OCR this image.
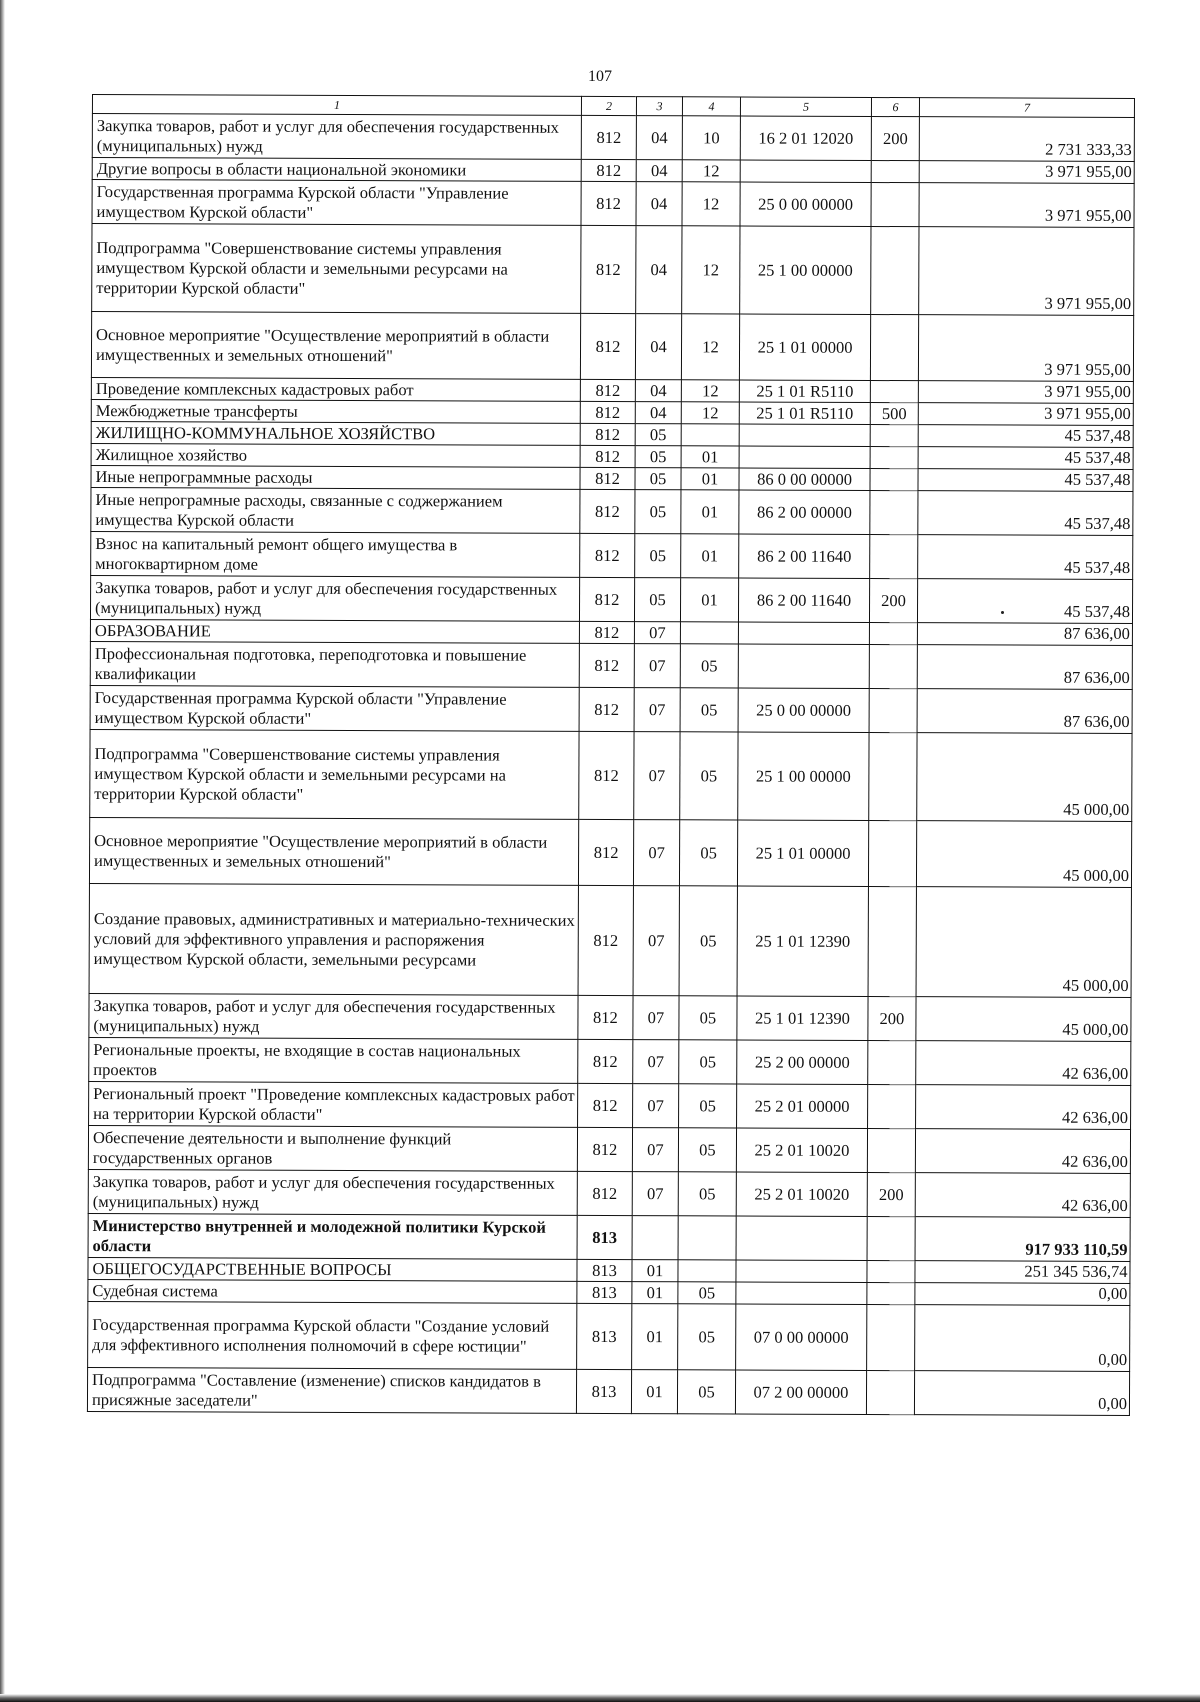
107
1	2	3	4	5	6	7
Закупка товаров, работ и услуг для обеспечения государственных (муниципальных) нужд	812	04	10	16 2 01 12020	200	2 731 333,33
Другие вопросы в области национальной экономики	812	04	12			3 971 955,00
Государственная программа Курской области "Управление имуществом Курской области"	812	04	12	25 0 00 00000		3 971 955,00
Подпрограмма "Совершенствование системы управления имуществом Курской области и земельными ресурсами на территории Курской области"	812	04	12	25 1 00 00000		3 971 955,00
Основное мероприятие "Осуществление мероприятий в области имущественных и земельных отношений"	812	04	12	25 1 01 00000		3 971 955,00
Проведение комплексных кадастровых работ	812	04	12	25 1 01 R5110		3 971 955,00
Межбюджетные трансферты	812	04	12	25 1 01 R5110	500	3 971 955,00
ЖИЛИЩНО-КОММУНАЛЬНОЕ ХОЗЯЙСТВО	812	05				45 537,48
Жилищное хозяйство	812	05	01			45 537,48
Иные непрограммные расходы	812	05	01	86 0 00 00000		45 537,48
Иные непрограмные расходы, связанные с соджержанием имущества Курской области	812	05	01	86 2 00 00000		45 537,48
Взнос на капитальный ремонт общего имущества в многоквартирном доме	812	05	01	86 2 00 11640		45 537,48
Закупка товаров, работ и услуг для обеспечения государственных (муниципальных) нужд	812	05	01	86 2 00 11640	200	45 537,48
ОБРАЗОВАНИЕ	812	07				87 636,00
Профессиональная подготовка, переподготовка и повышение квалификации	812	07	05			87 636,00
Государственная программа Курской области "Управление имуществом Курской области"	812	07	05	25 0 00 00000		87 636,00
Подпрограмма "Совершенствование системы управления имуществом Курской области и земельными ресурсами на территории Курской области"	812	07	05	25 1 00 00000		45 000,00
Основное мероприятие "Осуществление мероприятий в области имущественных и земельных отношений"	812	07	05	25 1 01 00000		45 000,00
Создание правовых, административных и материально-технических условий для эффективного управления и распоряжения имуществом Курской области, земельными ресурсами	812	07	05	25 1 01 12390		45 000,00
Закупка товаров, работ и услуг для обеспечения государственных (муниципальных) нужд	812	07	05	25 1 01 12390	200	45 000,00
Региональные проекты, не входящие в состав национальных проектов	812	07	05	25 2 00 00000		42 636,00
Региональный проект "Проведение комплексных кадастровых работ на территории Курской области"	812	07	05	25 2 01 00000		42 636,00
Обеспечение деятельности и выполнение функций государственных органов	812	07	05	25 2 01 10020		42 636,00
Закупка товаров, работ и услуг для обеспечения государственных (муниципальных) нужд	812	07	05	25 2 01 10020	200	42 636,00
Министерство внутренней и молодежной политики Курской области	813					917 933 110,59
ОБЩЕГОСУДАРСТВЕННЫЕ ВОПРОСЫ	813	01				251 345 536,74
Судебная система	813	01	05			0,00
Государственная программа Курской области "Создание условий для эффективного исполнения полномочий в сфере юстиции"	813	01	05	07 0 00 00000		0,00
Подпрограмма "Составление (изменение) списков кандидатов в присяжные заседатели"	813	01	05	07 2 00 00000		0,00
